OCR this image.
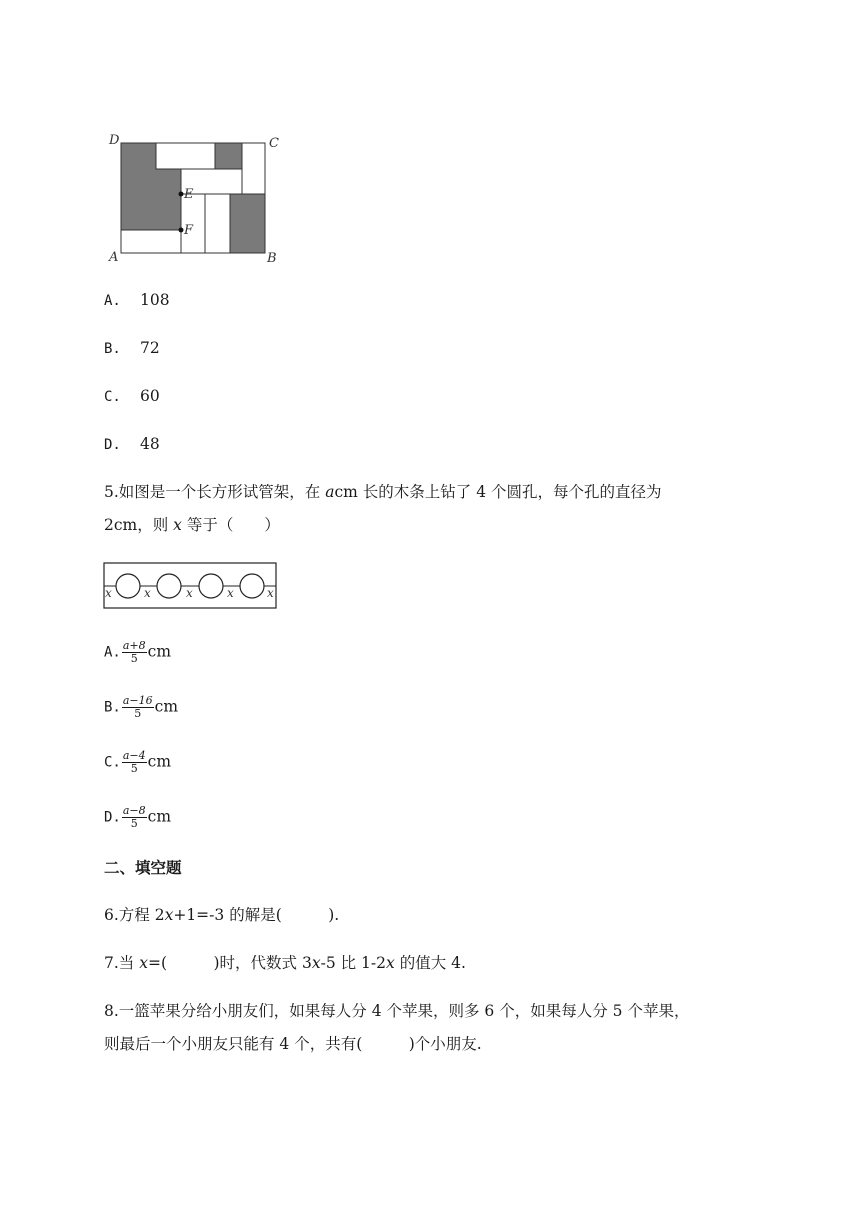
D	C
E
F
A	B
A. 108
B. 72
C. 60
D. 48
5.如图是一个长方形试管架，在 acm 长的木条上钻了 4 个圆孔，每个孔的直径为
2cm，则 x 等于（　　）
x	x	x	x	x
A. $\frac{a+8}{5}$ cm
B. $\frac{a-16}{5}$ cm
C. $\frac{a-4}{5}$ cm
D. $\frac{a-8}{5}$ cm
二、填空题
6.方程 2x+1=-3 的解是(　　　).
7.当 x=(　　　)时，代数式 3x-5 比 1-2x 的值大 4.
8.一篮苹果分给小朋友们，如果每人分 4 个苹果，则多 6 个，如果每人分 5 个苹果，
则最后一个小朋友只能有 4 个，共有(　　　)个小朋友.
